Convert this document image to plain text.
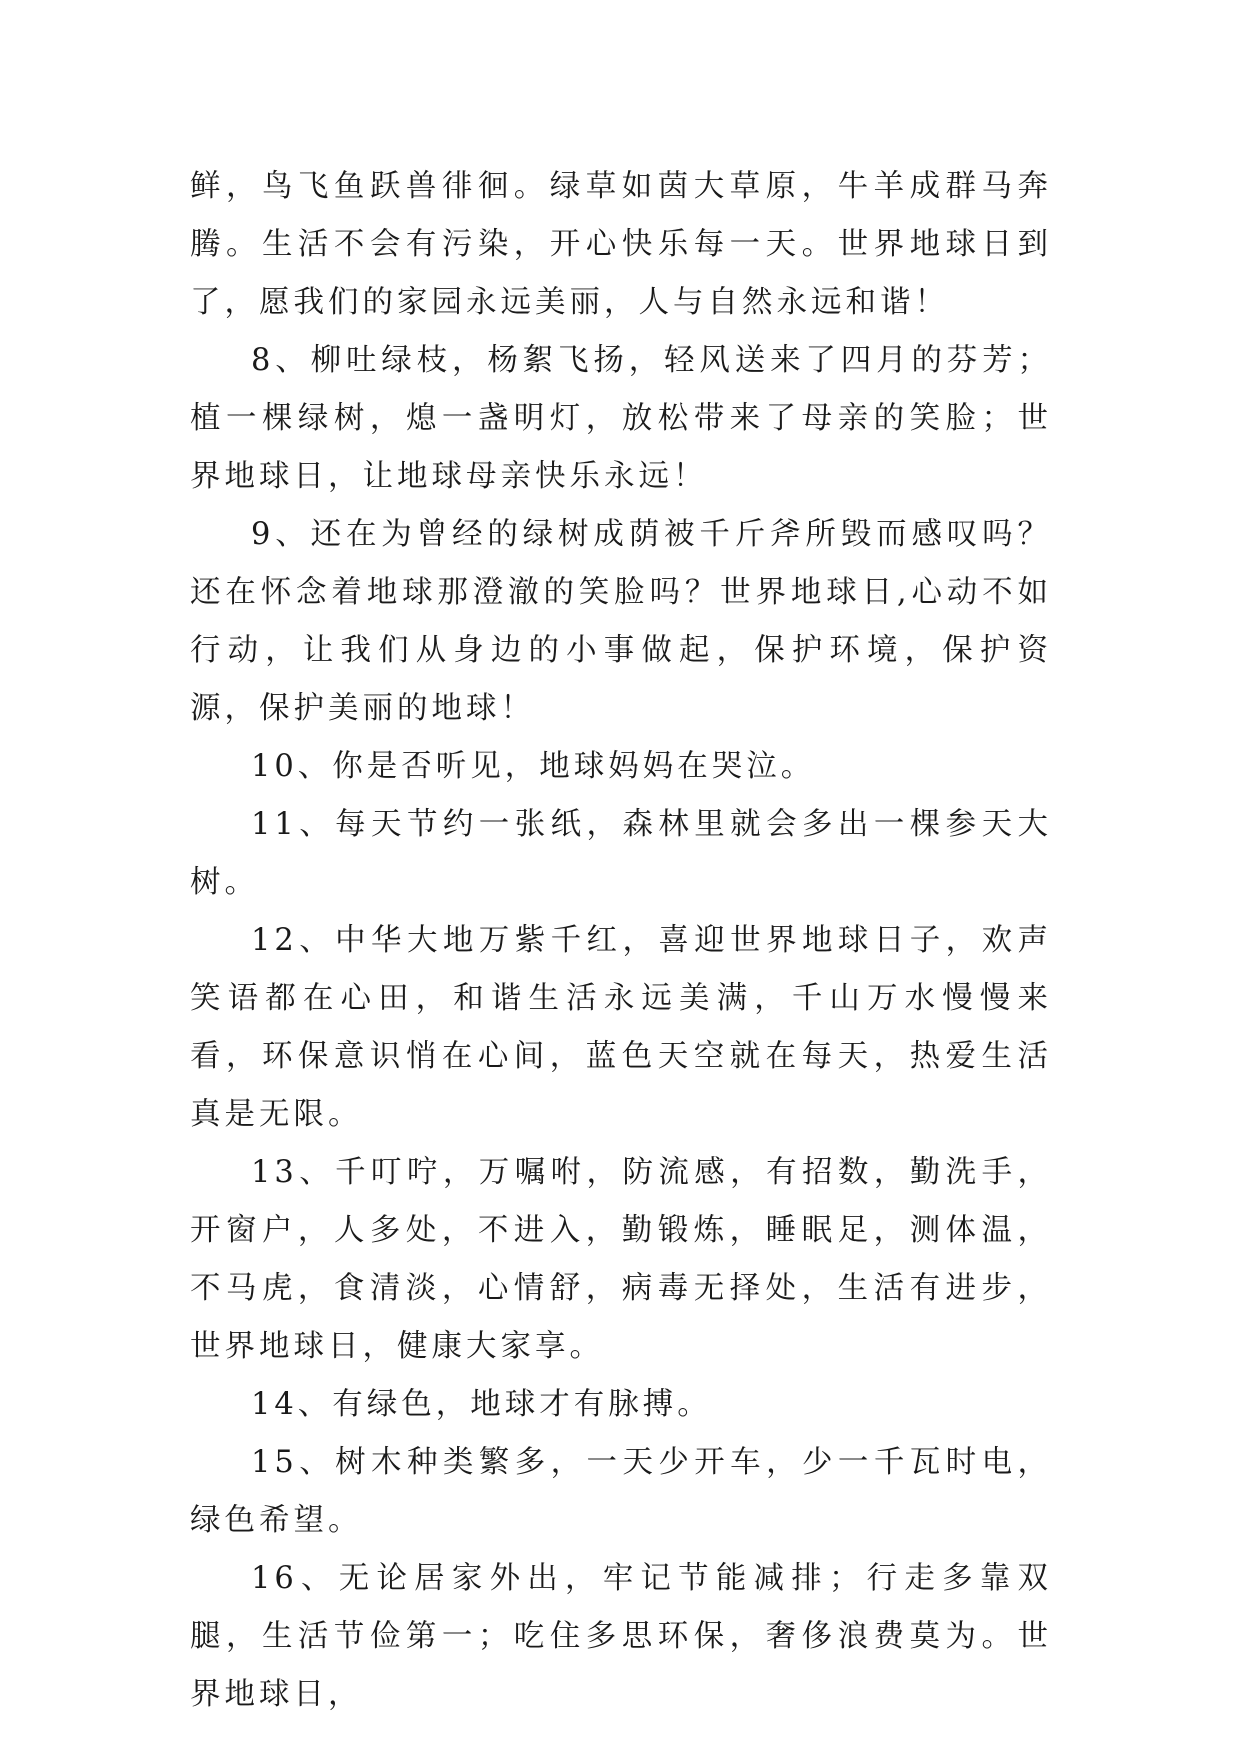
鲜，鸟飞鱼跃兽徘徊。绿草如茵大草原，牛羊成群马奔腾。生活不会有污染，开心快乐每一天。世界地球日到了，愿我们的家园永远美丽，人与自然永远和谐！

8、柳吐绿枝，杨絮飞扬，轻风送来了四月的芬芳；植一棵绿树，熄一盏明灯，放松带来了母亲的笑脸；世界地球日，让地球母亲快乐永远！

9、还在为曾经的绿树成荫被千斤斧所毁而感叹吗？还在怀念着地球那澄澈的笑脸吗？世界地球日,心动不如行动，让我们从身边的小事做起，保护环境，保护资源，保护美丽的地球！

10、你是否听见，地球妈妈在哭泣。

11、每天节约一张纸，森林里就会多出一棵参天大树。

12、中华大地万紫千红，喜迎世界地球日子，欢声笑语都在心田，和谐生活永远美满，千山万水慢慢来看，环保意识悄在心间，蓝色天空就在每天，热爱生活真是无限。

13、千叮咛，万嘱咐，防流感，有招数，勤洗手，开窗户，人多处，不进入，勤锻炼，睡眠足，测体温，不马虎，食清淡，心情舒，病毒无择处，生活有进步，世界地球日，健康大家享。

14、有绿色，地球才有脉搏。

15、树木种类繁多，一天少开车，少一千瓦时电，绿色希望。

16、无论居家外出，牢记节能减排；行走多靠双腿，生活节俭第一；吃住多思环保，奢侈浪费莫为。世界地球日，
